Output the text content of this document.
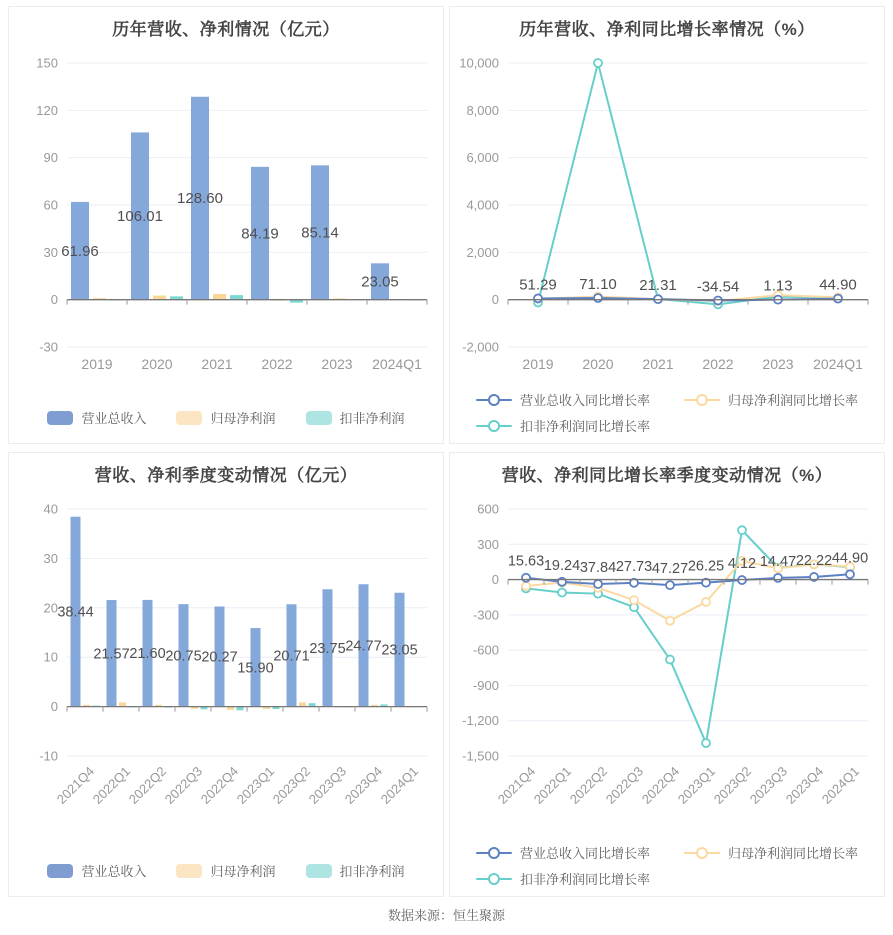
历年营收、净利情况（亿元）
150
120
90
60
30
0
-30
2019 2020 2021 2022 2023 2024Q1
61.96
106.01
128.60
84.19 85.14
23.05
营业总收入	归母净利润	扣非净利润
历年营收、净利同比增长率情况（%）
10,000
8,000
6,000
4,000
2,000
0
-2,000
2019 2020 2021 2022 2023 2024Q1
51.29 71.10 21.31 -34.54 1.13 44.90
营业总收入同比增长率	归母净利润同比增长率
扣非净利润同比增长率
营收、净利季度变动情况（亿元）
40
30
20
10
0
-10
2021Q4
2022Q1
2022Q2
2022Q3
2022Q4
2023Q1
2023Q2
2023Q3
2023Q4
2024Q1
38.44
21.57 21.60 20.75 20.27
15.90
20.71 23.75 24.77 23.05
营业总收入	归母净利润	扣非净利润
营收、净利同比增长率季度变动情况（%）
600
300
0
-300
-600
-900
-1,200
-1,500
2021Q4
2022Q1
2022Q2
2022Q3
2022Q4
2023Q1
2023Q2
2023Q3
2023Q4
2024Q1
15.63 19.24 37.84 27.73 47.27 26.25 4.12 14.47 22.22 44.90
营业总收入同比增长率	归母净利润同比增长率
扣非净利润同比增长率
数据来源：恒生聚源
